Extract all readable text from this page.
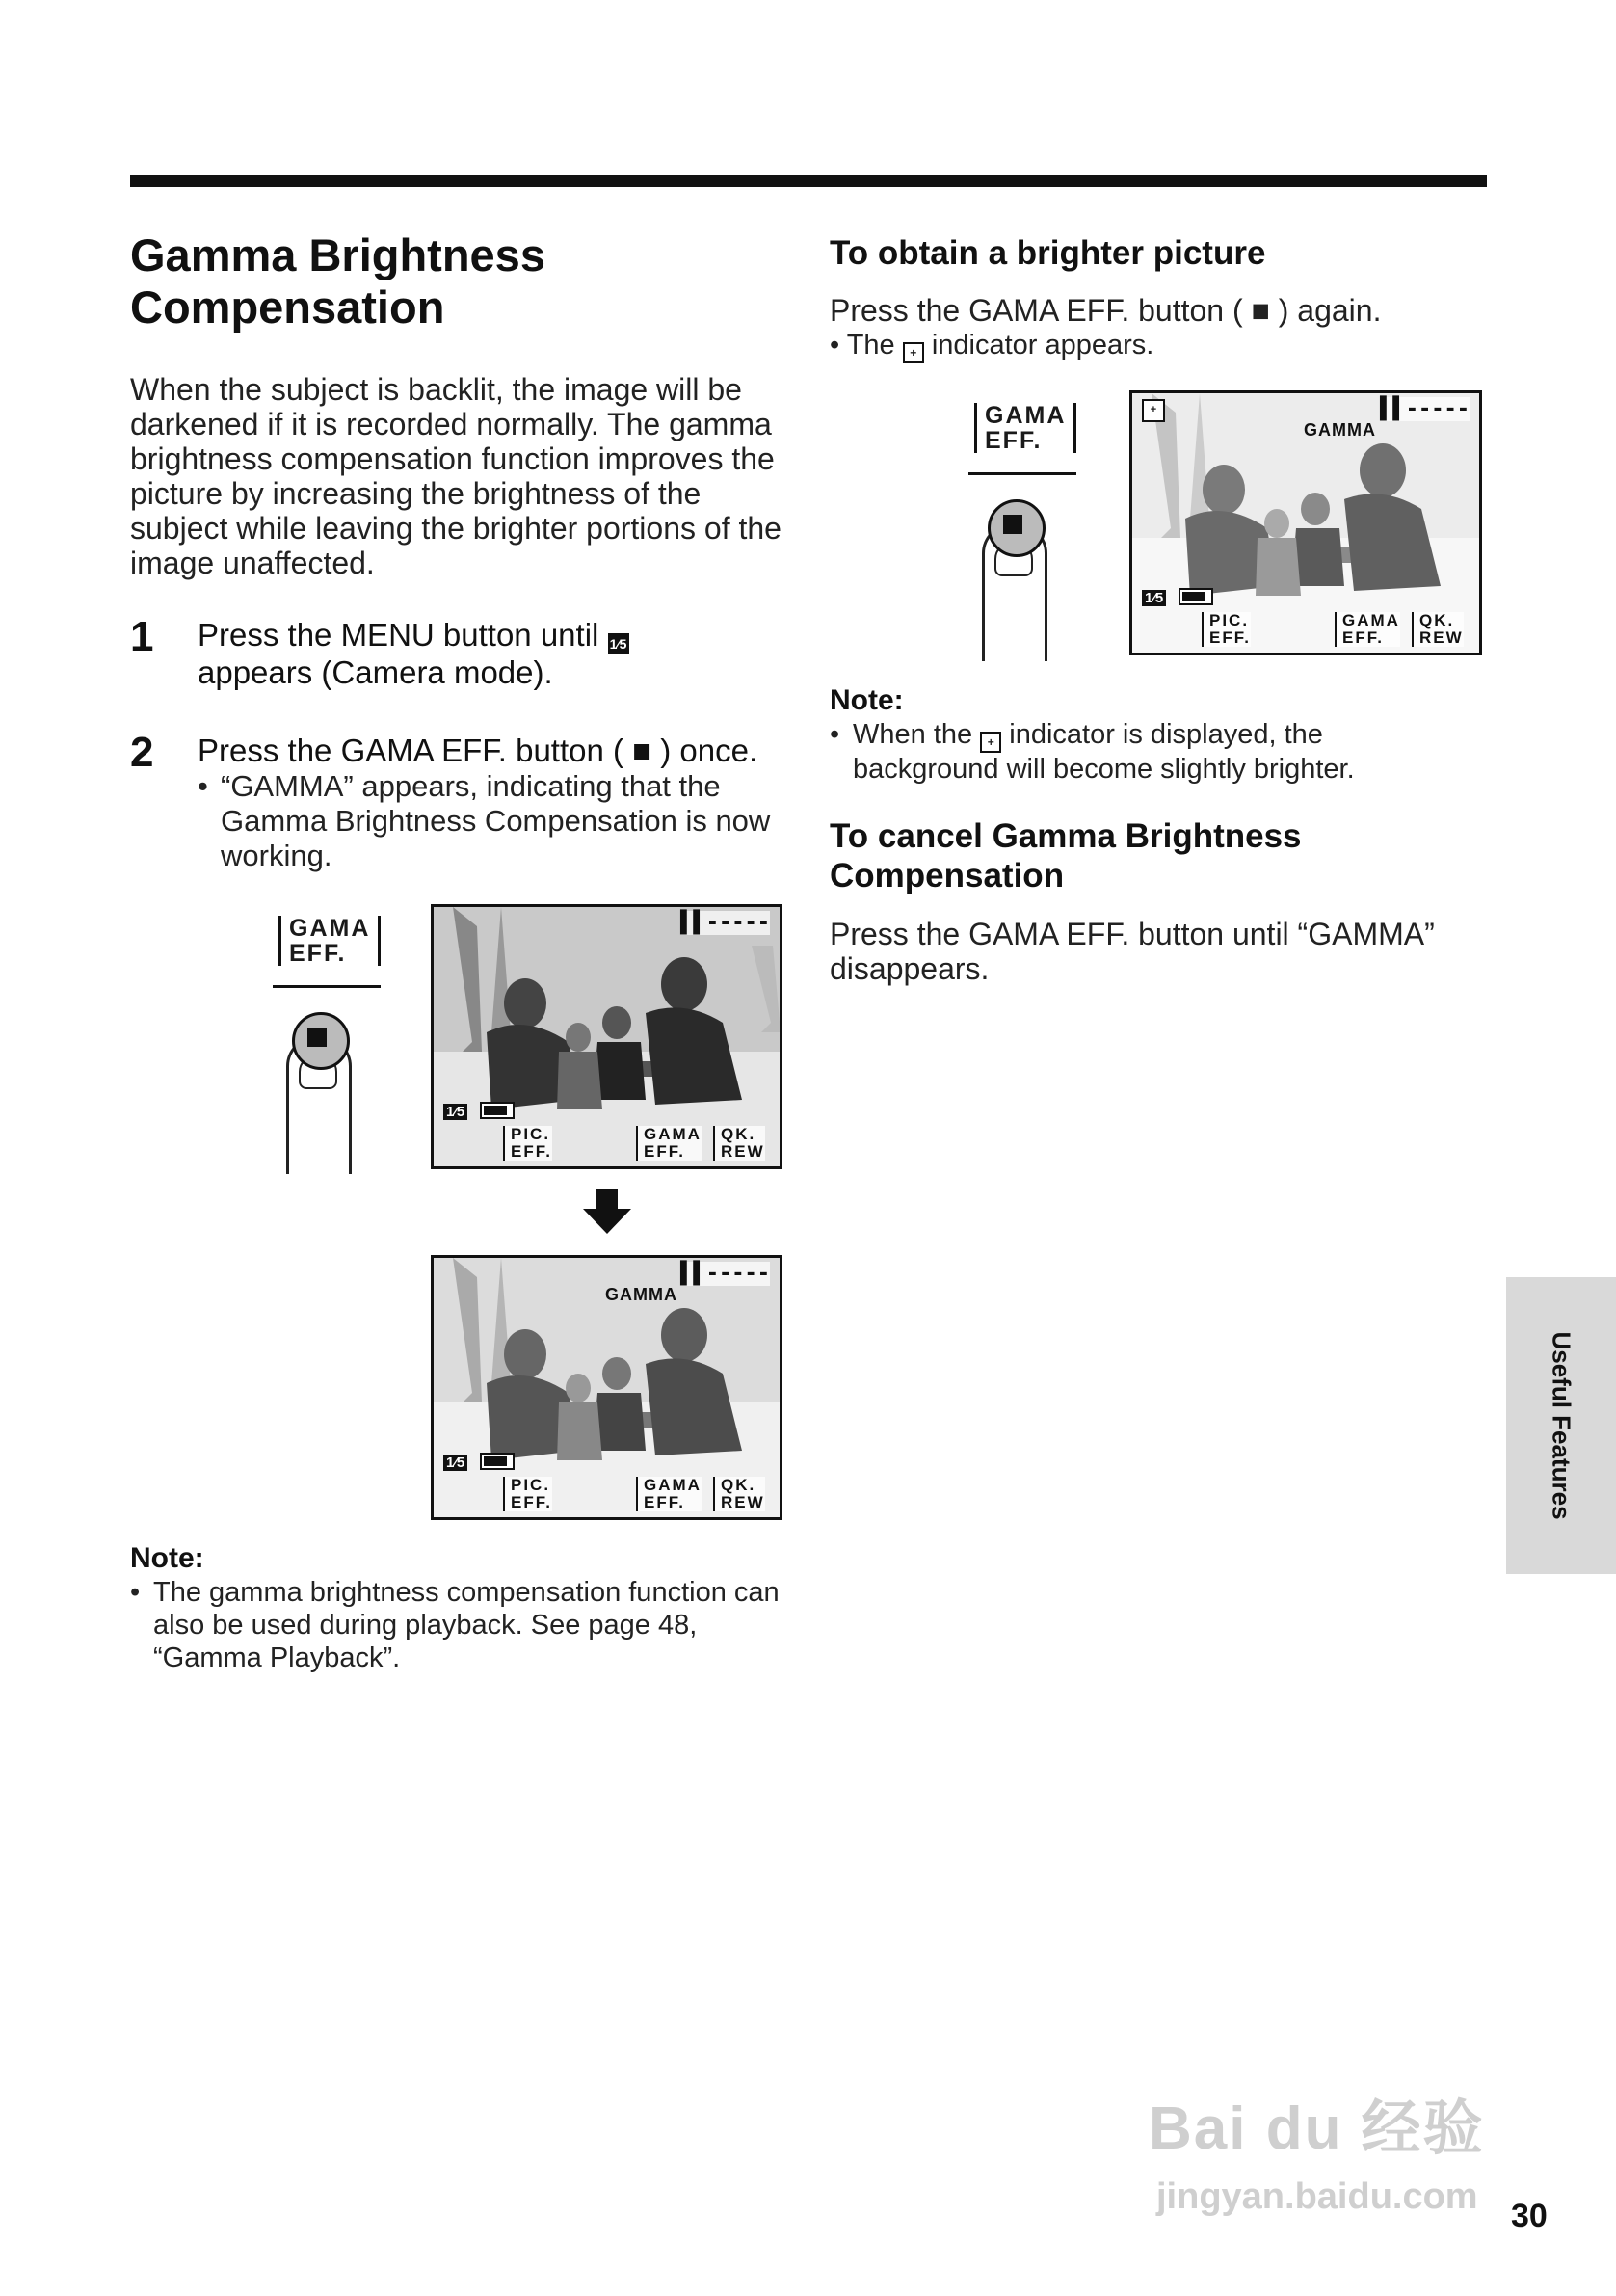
Gamma Brightness
Compensation
When the subject is backlit, the image will be darkened if it is recorded normally. The gamma brightness compensation function improves the picture by increasing the brightness of the subject while leaving the brighter portions of the image unaffected.
1 Press the MENU button until 1⁄5
appears (Camera mode).
2 Press the GAMA EFF. button ( ■ ) once.
• “GAMMA” appears, indicating that the Gamma Brightness Compensation is now working.
GAMA
EFF.
▌▌-----
1⁄5
PIC.
EFF.
GAMA
EFF.
QK.
REW
▌▌-----
GAMMA
1⁄5
PIC.
EFF.
GAMA
EFF.
QK.
REW
Note:
• The gamma brightness compensation function can also be used during playback. See page 48, “Gamma Playback”.
To obtain a brighter picture
Press the GAMA EFF. button ( ■ ) again.
• The + indicator appears.
GAMA
EFF.
+	▌▌-----
GAMMA
1⁄5
PIC.
EFF.
GAMA
EFF.
QK.
REW
Note:
• When the + indicator is displayed, the background will become slightly brighter.
To cancel Gamma Brightness
Compensation
Press the GAMA EFF. button until “GAMMA” disappears.
Useful Features
Bai du 经验
jingyan.baidu.com 30
